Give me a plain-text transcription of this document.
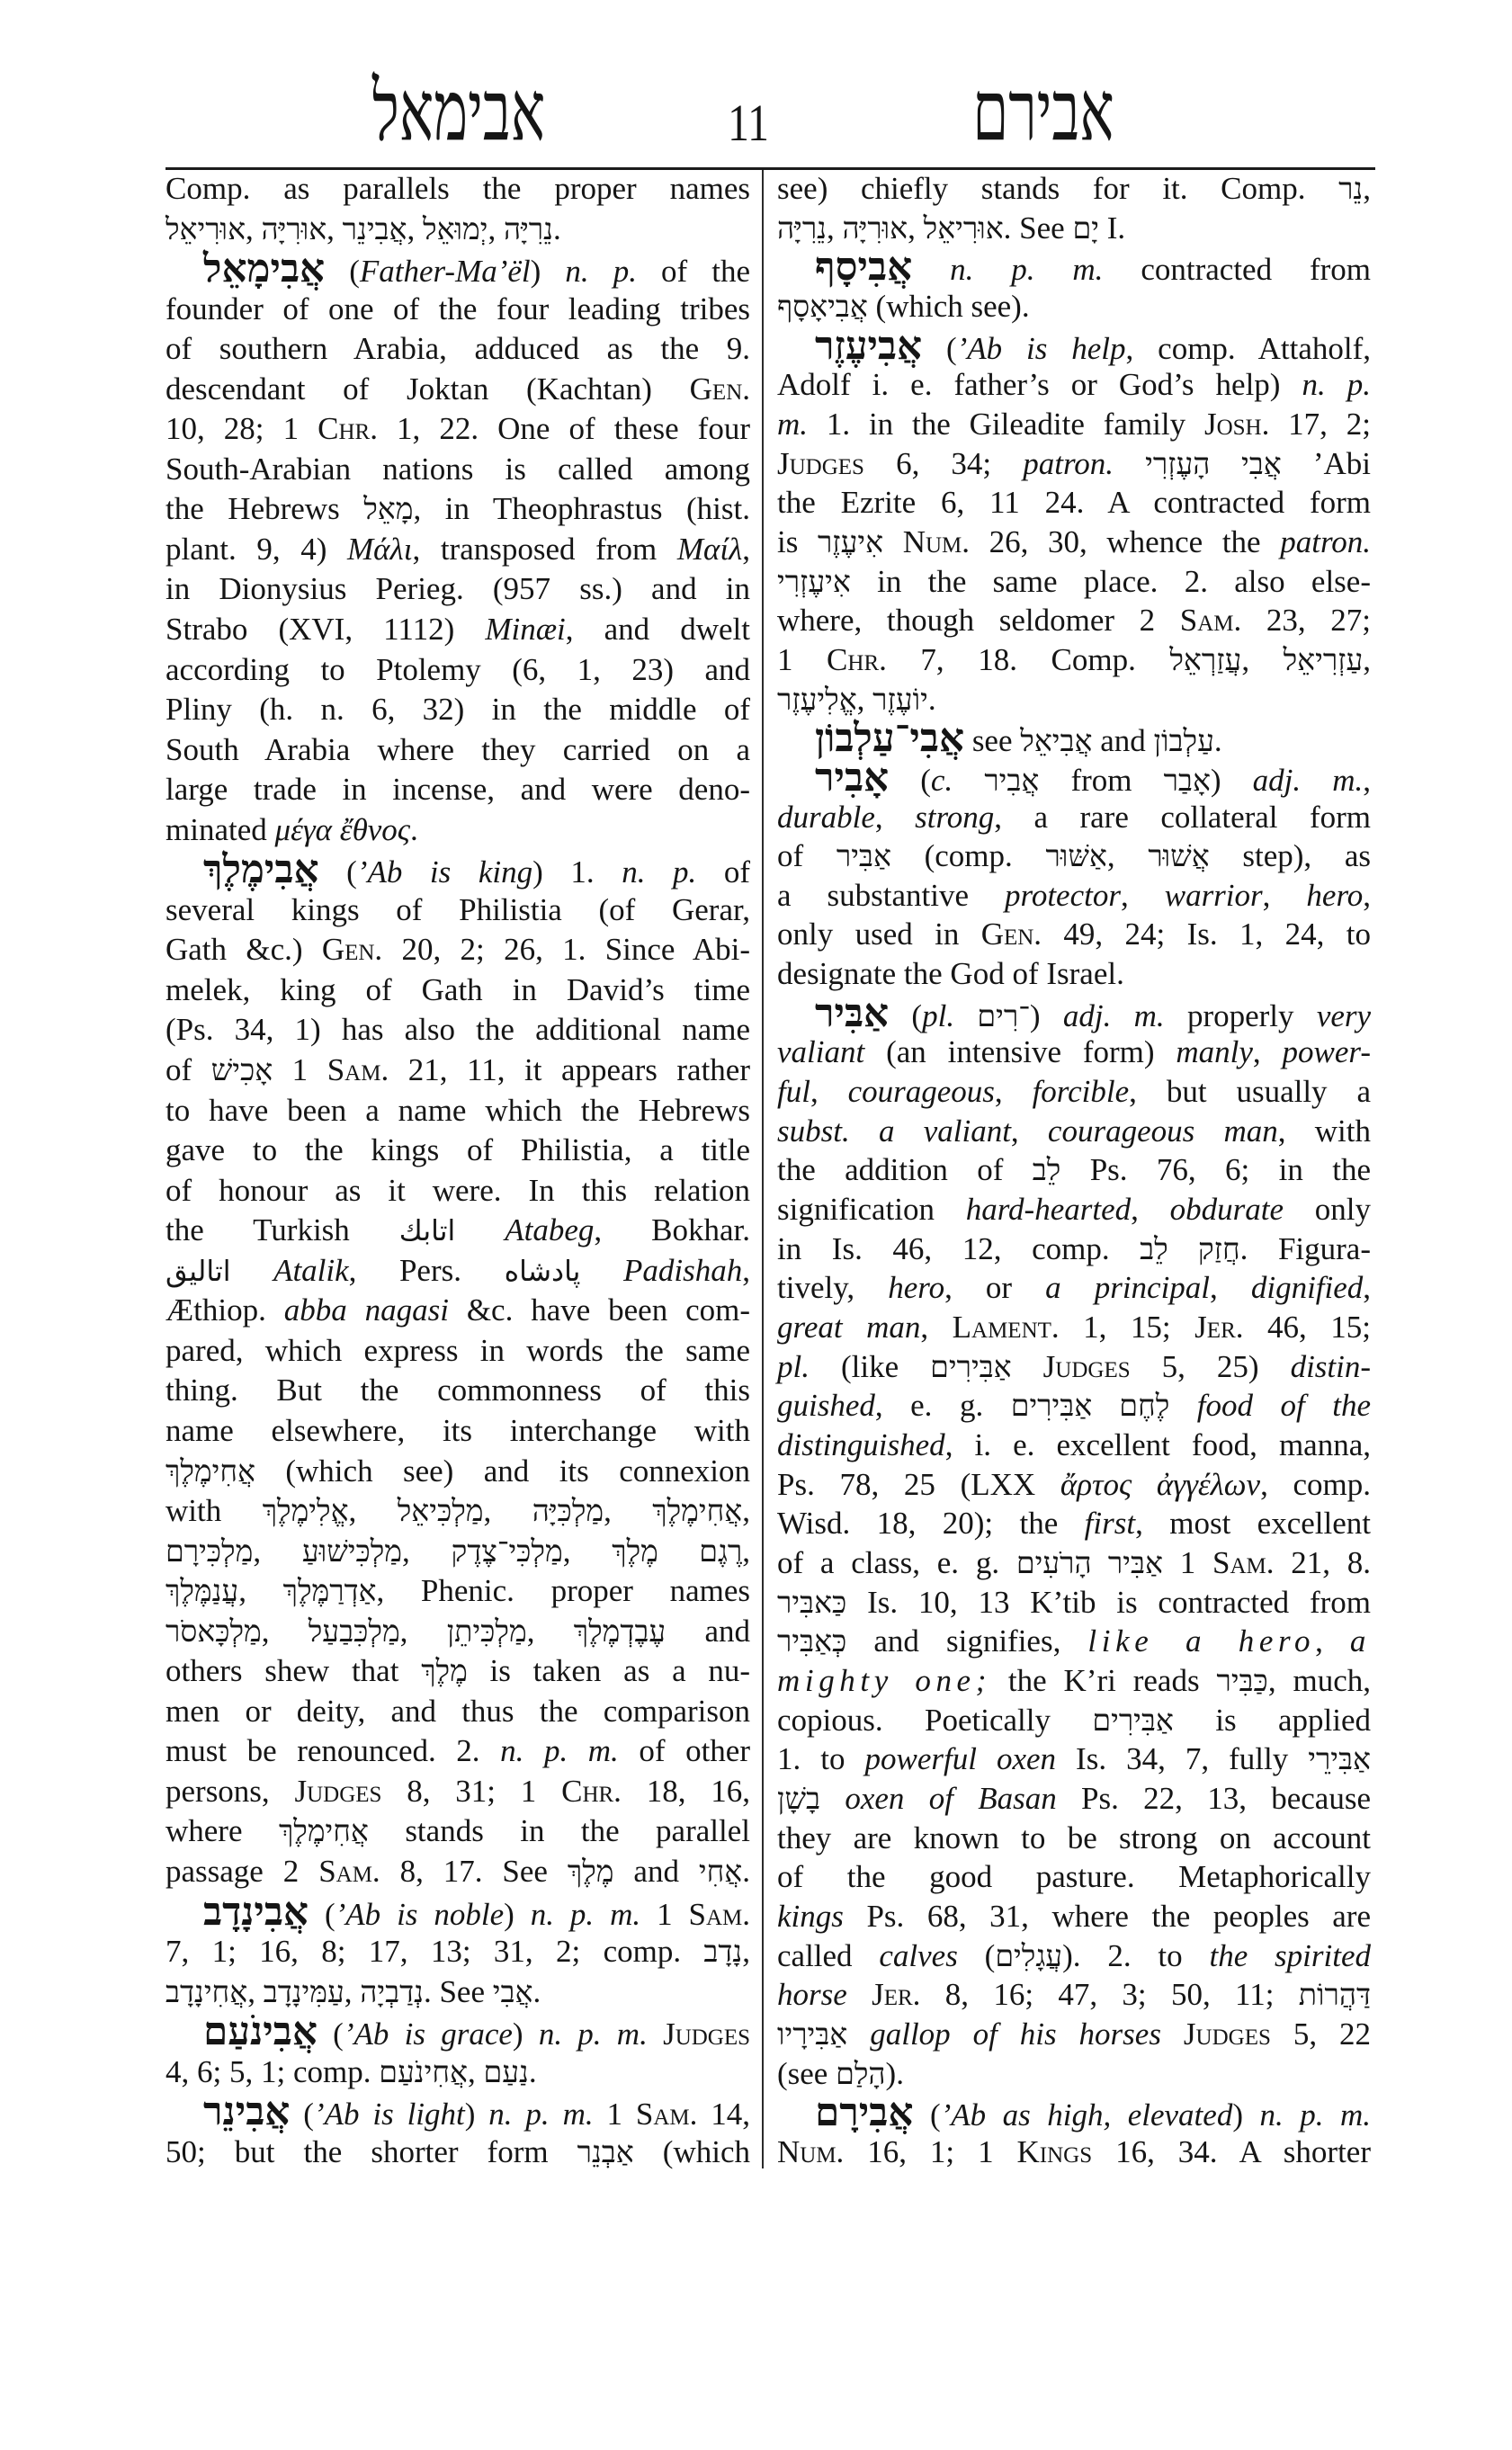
אבימאל	11	אבירם
Comp. as parallels the proper names
אוּרִיאֵל, אוּרִיָּה, אֲבִינֵר, יְמוּאֵל, נֵרִיָּה.
אֲבִימָאֵל (Father-Ma’ël) n. p. of the
founder of one of the four leading tribes
of southern Arabia, adduced as the 9.
descendant of Joktan (Kachtan) Gen.
10, 28; 1 Chr. 1, 22. One of these four
South-Arabian nations is called among
the Hebrews מָאֵל, in Theophrastus (hist.
plant. 9, 4) Μάλι, transposed from Μαίλ,
in Dionysius Perieg. (957 ss.) and in
Strabo (XVI, 1112) Minæi, and dwelt
according to Ptolemy (6, 1, 23) and
Pliny (h. n. 6, 32) in the middle of
South Arabia where they carried on a
large trade in incense, and were deno-
minated μέγα ἔθνος.
אֲבִימֶלֶךְ (’Ab is king) 1. n. p. of
several kings of Philistia (of Gerar,
Gath &c.) Gen. 20, 2; 26, 1. Since Abi-
melek, king of Gath in David’s time
(Ps. 34, 1) has also the additional name
of אָכִישׁ 1 Sam. 21, 11, it appears rather
to have been a name which the Hebrews
gave to the kings of Philistia, a title
of honour as it were. In this relation
the Turkish اتابك Atabeg, Bokhar.
اتاليق Atalik, Pers. پادشاه Padishah,
Æthiop. abba nagasi &c. have been com-
pared, which express in words the same
thing. But the commonness of this
name elsewhere, its interchange with
אֲחִימֶלֶךְ (which see) and its connexion
with אֱלִימֶלֶךְ, מַלְכִּיאֵל, מַלְכִּיָּה, אֲחִימֶלֶךְ,
מַלְכִּירָם, מַלְכִּישׁוּעַ, מַלְכִּי־צֶדֶק, רֶגֶם מֶלֶךְ,
עֲנַמֶּלֶךְ, אַדְרַמֶּלֶךְ, Phenic. proper names
מַלְכָּאסֹר, מַלְכִּבַעַל, מַלְכִּיתֵן, עֶבֶדְמֶלֶךְ and
others shew that מֶלֶךְ is taken as a nu-
men or deity, and thus the comparison
must be renounced. 2. n. p. m. of other
persons, Judges 8, 31; 1 Chr. 18, 16,
where אֲחִימֶלֶךְ stands in the parallel
passage 2 Sam. 8, 17. See מֶלֶךְ and אֲחִי.
אֲבִינָדָב (’Ab is noble) n. p. m. 1 Sam.
7, 1; 16, 8; 17, 13; 31, 2; comp. נָדָב,
אֲחִינָדָב, עַמִּינָדָב, נְדַבְיָה. See אֲבִי.
אֲבִינֹעַם (’Ab is grace) n. p. m. Judges
4, 6; 5, 1; comp. אֲחִינֹעַם, נַעַם.
אֲבִינֵר (’Ab is light) n. p. m. 1 Sam. 14,
50; but the shorter form אַבְנֵר (which
see) chiefly stands for it. Comp. נֵר,
נֵרִיָּה, אוּרִיָּה, אוּרִיאֵל. See יָם I.
אֲבִיסָף n. p. m. contracted from
אֲבִיאָסָף (which see).
אֲבִיעֶזֶר (’Ab is help, comp. Attaholf,
Adolf i. e. father’s or God’s help) n. p.
m. 1. in the Gileadite family Josh. 17, 2;
Judges 6, 34; patron. אֲבִי הָעֶזְרִי ’Abi
the Ezrite 6, 11 24. A contracted form
is אִיעֶזֶר Num. 26, 30, whence the patron.
אִיעֶזְרִי in the same place. 2. also else-
where, though seldomer 2 Sam. 23, 27;
1 Chr. 7, 18. Comp. עֲזַרְאֵל, עַזְרִיאֵל,
אֱלִיעֶזֶר, יוֹעֶזֶר.
אֲבִי־עַלְבוֹן see אֲבִיאֵל and עַלְבוֹן.
אָבִיר (c. אֲבִיר from אָבַר) adj. m.,
durable, strong, a rare collateral form
of אַבִּיר (comp. אַשּׁוּר, אֲשׁוּר step), as
a substantive protector, warrior, hero,
only used in Gen. 49, 24; Is. 1, 24, to
designate the God of Israel.
אַבִּיר (pl. ־רִים) adj. m. properly very
valiant (an intensive form) manly, power-
ful, courageous, forcible, but usually a
subst. a valiant, courageous man, with
the addition of לֵב Ps. 76, 6; in the
signification hard-hearted, obdurate only
in Is. 46, 12, comp. חֲזַק לֵב. Figura-
tively, hero, or a principal, dignified,
great man, Lament. 1, 15; Jer. 46, 15;
pl. (like אַבִּירִים Judges 5, 25) distin-
guished, e. g. לֶחֶם אַבִּירִים food of the
distinguished, i. e. excellent food, manna,
Ps. 78, 25 (LXX ἄρτος ἀγγέλων, comp.
Wisd. 18, 20); the first, most excellent
of a class, e. g. אַבִּיר הָרֹעִים 1 Sam. 21, 8.
כַּאבִּיר Is. 10, 13 K’tib is contracted from
כְּאַבִּיר and signifies, like a hero, a
mighty one; the K’ri reads כַּבִּיר, much,
copious. Poetically אַבִּירִים is applied
1. to powerful oxen Is. 34, 7, fully אַבִּירֵי
בָשָׁן oxen of Basan Ps. 22, 13, because
they are known to be strong on account
of the good pasture. Metaphorically
kings Ps. 68, 31, where the peoples are
called calves (עֲגָלִים). 2. to the spirited
horse Jer. 8, 16; 47, 3; 50, 11; דַּהֲרוֹת
אַבִּירָיו gallop of his horses Judges 5, 22
(see הָלַם).
אֲבִירָם (’Ab as high, elevated) n. p. m.
Num. 16, 1; 1 Kings 16, 34. A shorter
